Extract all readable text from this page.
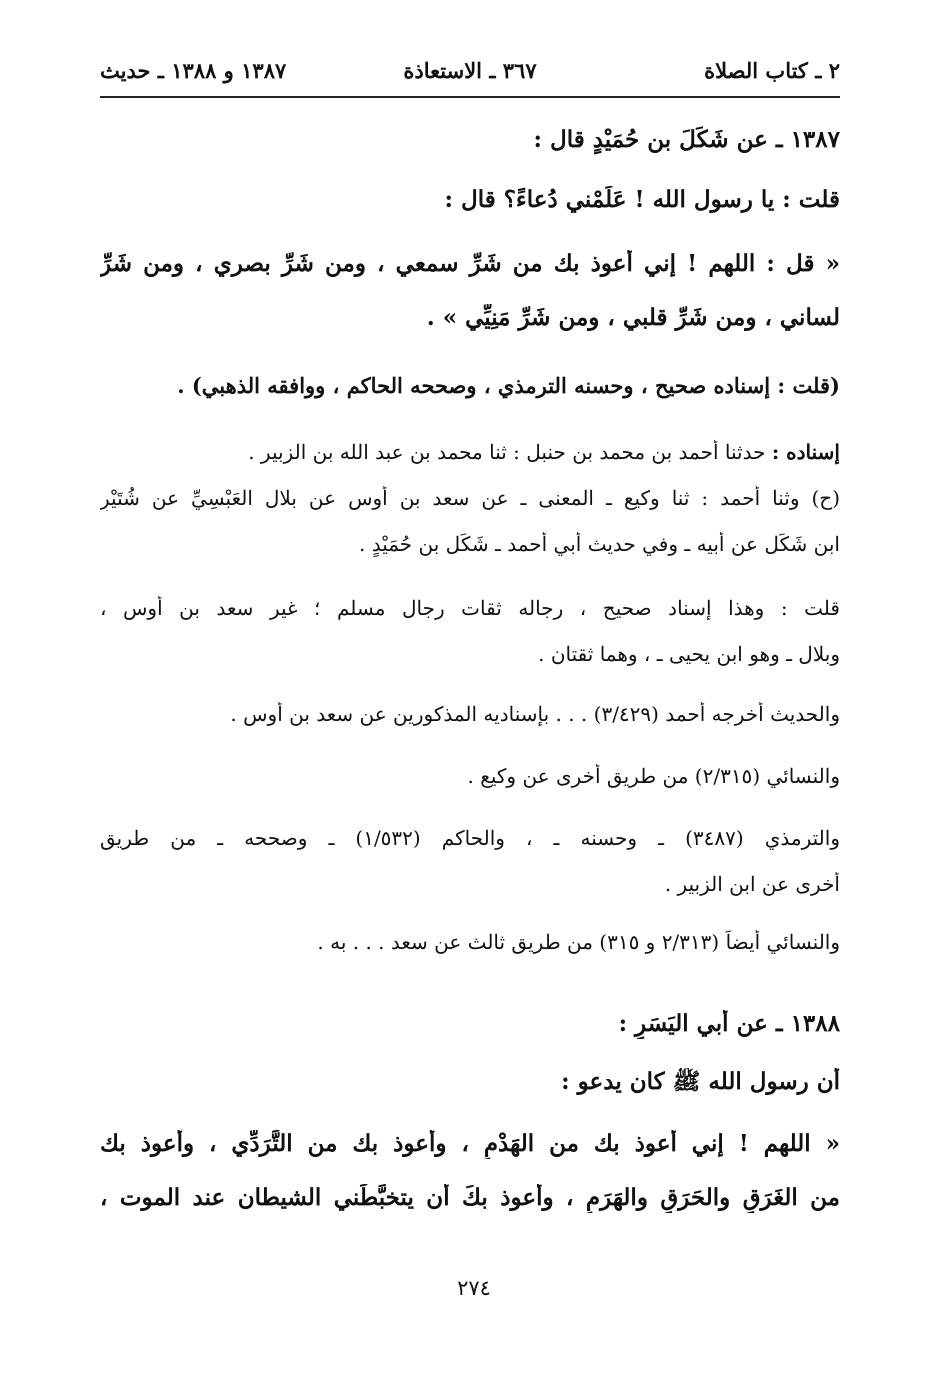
٢ ـ كتاب الصلاة
٣٦٧ ـ الاستعاذة
١٣٨٧ و ١٣٨٨ ـ حديث
١٣٨٧ ـ عن شَكَلَ بن حُمَيْدٍ قال :
قلت : يا رسول الله ! عَلِّمْني دُعاءً؟ قال :
« قل : اللهم ! إني أعوذ بك من شَرِّ سمعي ، ومن شَرِّ بصري ، ومن شَرِّ
لساني ، ومن شَرِّ قلبي ، ومن شَرِّ مَنِيِّي » .
(قلت : إسناده صحيح ، وحسنه الترمذي ، وصححه الحاكم ، ووافقه الذهبي) .
إسناده : حدثنا أحمد بن محمد بن حنبل : ثنا محمد بن عبد الله بن الزبير .
(ح) وثنا أحمد : ثنا وكيع ـ المعنى ـ عن سعد بن أوس عن بلال العَبْسِيِّ عن شُتَيْرِ
ابن شَكَل عن أبيه ـ وفي حديث أبي أحمد ـ شَكَل بن حُمَيْدٍ .
قلت : وهذا إسناد صحيح ، رجاله ثقات رجال مسلم ؛ غير سعد بن أوس ،
وبلال ـ وهو ابن يحيى ـ ، وهما ثقتان .
والحديث أخرجه أحمد (٣/٤٢٩) . . . بإسناديه المذكورين عن سعد بن أوس .
والنسائي (٢/٣١٥) من طريق أخرى عن وكيع .
والترمذي (٣٤٨٧) ـ وحسنه ـ ، والحاكم (١/٥٣٢) ـ وصححه ـ من طريق
أخرى عن ابن الزبير .
والنسائي أيضاً (٢/٣١٣ و ٣١٥) من طريق ثالث عن سعد . . . به .
١٣٨٨ ـ عن أبي اليَسَرِ :
أن رسول الله ﷺ كان يدعو :
« اللهم ! إني أعوذ بك من الهَدْمِ ، وأعوذ بك من التَّرَدِّي ، وأعوذ بك
من الغَرَقِ والحَرَقِ والهَرَمِ ، وأعوذ بكَ أن يتخبَّطَني الشيطان عند الموت ،
٢٧٤
